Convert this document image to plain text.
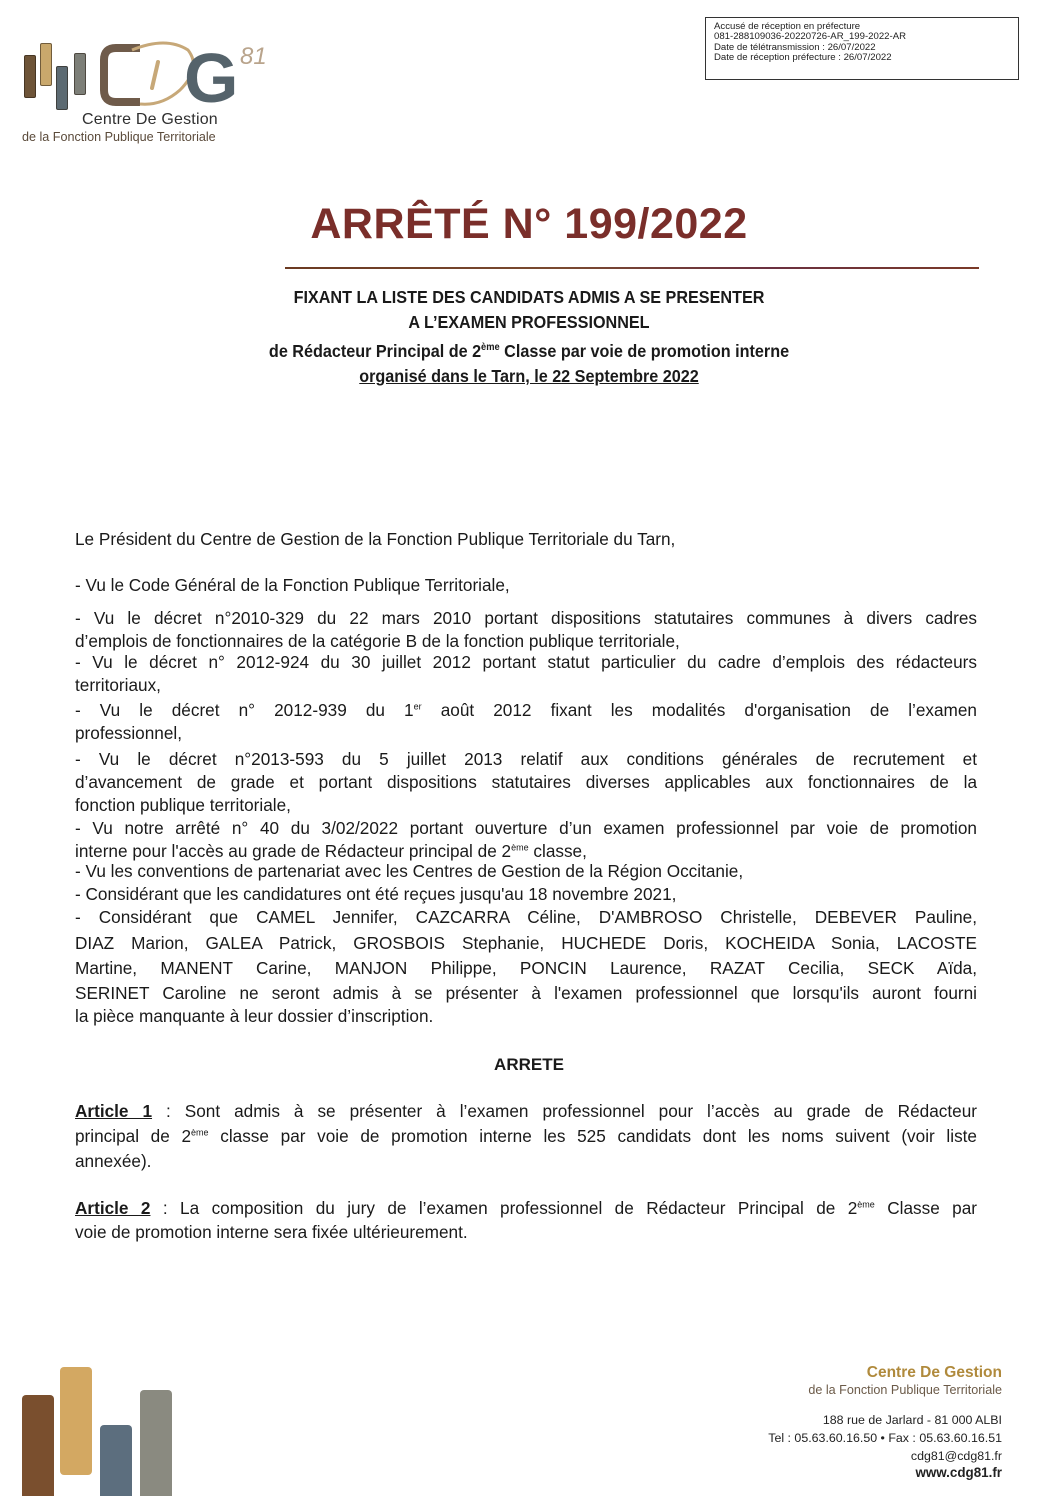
G 81
Centre De Gestion
de la Fonction Publique Territoriale
Accusé de réception en préfecture
081-288109036-20220726-AR_199-2022-AR
Date de télétransmission : 26/07/2022
Date de réception préfecture : 26/07/2022
ARRÊTÉ N° 199/2022
FIXANT LA LISTE DES CANDIDATS ADMIS A SE PRESENTER
A L’EXAMEN PROFESSIONNEL
de Rédacteur Principal de 2ème Classe par voie de promotion interne
organisé dans le Tarn, le 22 Septembre 2022
Le Président du Centre de Gestion de la Fonction Publique Territoriale du Tarn,
- Vu le Code Général de la Fonction Publique Territoriale,
- Vu le décret n°2010-329 du 22 mars 2010 portant dispositions statutaires communes à divers cadres
d’emplois de fonctionnaires de la catégorie B de la fonction publique territoriale,
- Vu le décret n° 2012-924 du 30 juillet 2012 portant statut particulier du cadre d’emplois des rédacteurs
territoriaux,
- Vu le décret n° 2012-939 du 1er août 2012 fixant les modalités d'organisation de l’examen
professionnel,
- Vu le décret n°2013-593 du 5 juillet 2013 relatif aux conditions générales de recrutement et
d’avancement de grade et portant dispositions statutaires diverses applicables aux fonctionnaires de la
fonction publique territoriale,
- Vu notre arrêté n° 40 du 3/02/2022 portant ouverture d’un examen professionnel par voie de promotion
interne pour l'accès au grade de Rédacteur principal de 2ème classe,
- Vu les conventions de partenariat avec les Centres de Gestion de la Région Occitanie,
- Considérant que les candidatures ont été reçues jusqu'au 18 novembre 2021,
- Considérant que CAMEL Jennifer, CAZCARRA Céline, D'AMBROSO Christelle, DEBEVER Pauline,
DIAZ Marion, GALEA Patrick, GROSBOIS Stephanie, HUCHEDE Doris, KOCHEIDA Sonia, LACOSTE
Martine, MANENT Carine, MANJON Philippe, PONCIN Laurence, RAZAT Cecilia, SECK Aïda,
SERINET Caroline ne seront admis à se présenter à l'examen professionnel que lorsqu'ils auront fourni
la pièce manquante à leur dossier d’inscription.
ARRETE
Article 1 : Sont admis à se présenter à l’examen professionnel pour l’accès au grade de Rédacteur
principal de 2ème classe par voie de promotion interne les 525 candidats dont les noms suivent (voir liste
annexée).
Article 2 : La composition du jury de l’examen professionnel de Rédacteur Principal de 2ème Classe par
voie de promotion interne sera fixée ultérieurement.
Centre De Gestion
de la Fonction Publique Territoriale
188 rue de Jarlard - 81 000 ALBI
Tel : 05.63.60.16.50 • Fax : 05.63.60.16.51
cdg81@cdg81.fr
www.cdg81.fr
